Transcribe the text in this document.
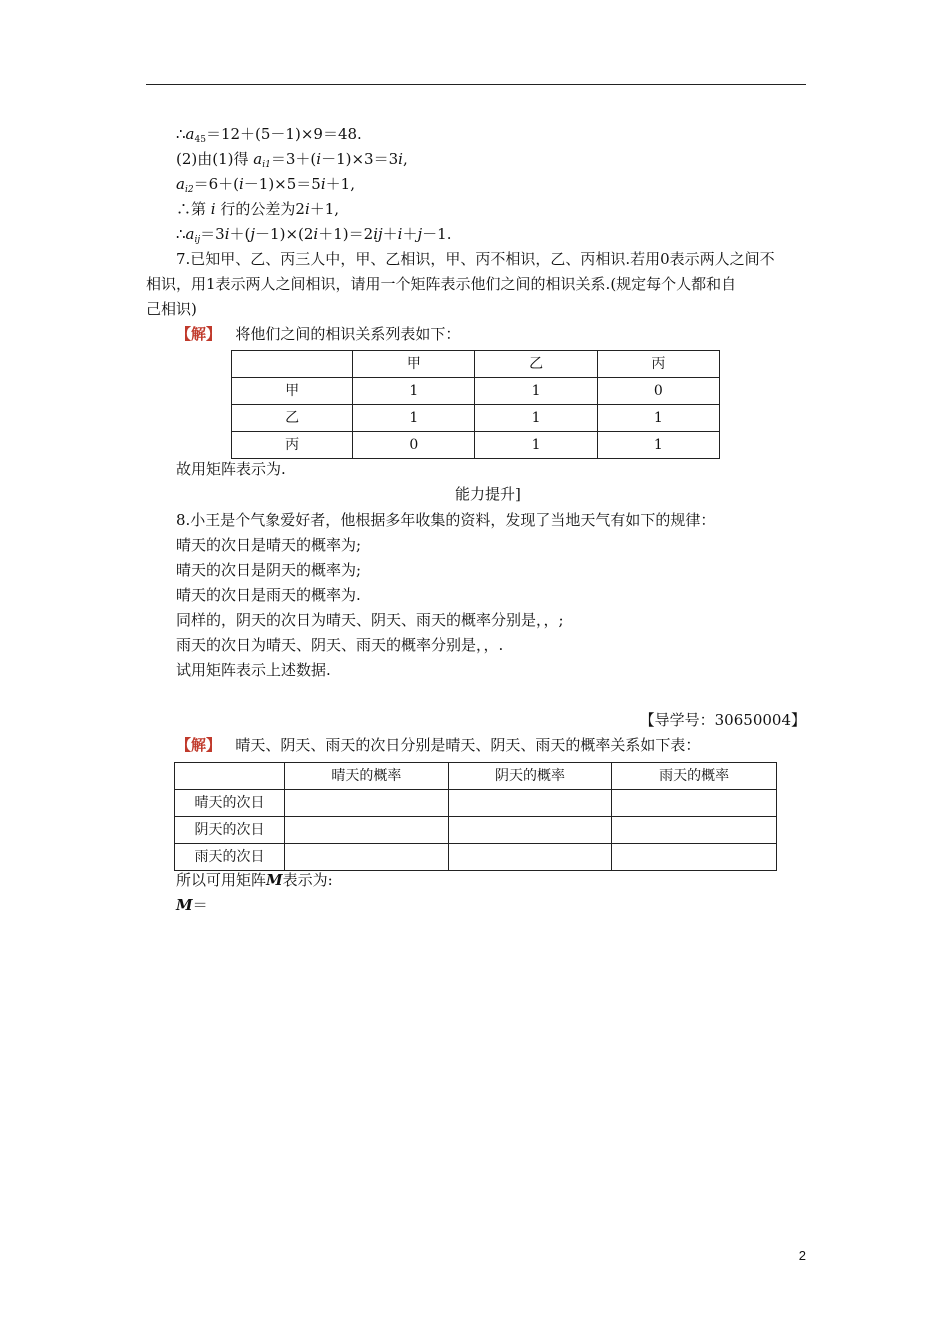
$\therefore a_{45}=12+(5-1)\times 9=48$.
(2)由(1)得 $a_{i1}=3+(i-1)\times 3=3i$,
$a_{i2}=6+(i-1)\times 5=5i+1$,
∴第 i 行的公差为2i＋1,
$\therefore a_{ij}=3i+(j-1)\times(2i+1)=2ij+i+j-1$.
7.已知甲、乙、丙三人中，甲、乙相识，甲、丙不相识，乙、丙相识.若用0表示两人之间不
相识，用1表示两人之间相识，请用一个矩阵表示他们之间的相识关系.(规定每个人都和自
己相识)
【解】 将他们之间的相识关系列表如下：
	甲	乙	丙
甲	1	1	0
乙	1	1	1
丙	0	1	1
故用矩阵表示为.
能力提升]
8.小王是个气象爱好者，他根据多年收集的资料，发现了当地天气有如下的规律：
晴天的次日是晴天的概率为;
晴天的次日是阴天的概率为;
晴天的次日是雨天的概率为.
同样的，阴天的次日为晴天、阴天、雨天的概率分别是，，;
雨天的次日为晴天、阴天、雨天的概率分别是，，.
试用矩阵表示上述数据.
【导学号：30650004】
【解】 晴天、阴天、雨天的次日分别是晴天、阴天、雨天的概率关系如下表：
	晴天的概率	阴天的概率	雨天的概率
晴天的次日			
阴天的次日			
雨天的次日			
所以可用矩阵M表示为:
M＝
2
